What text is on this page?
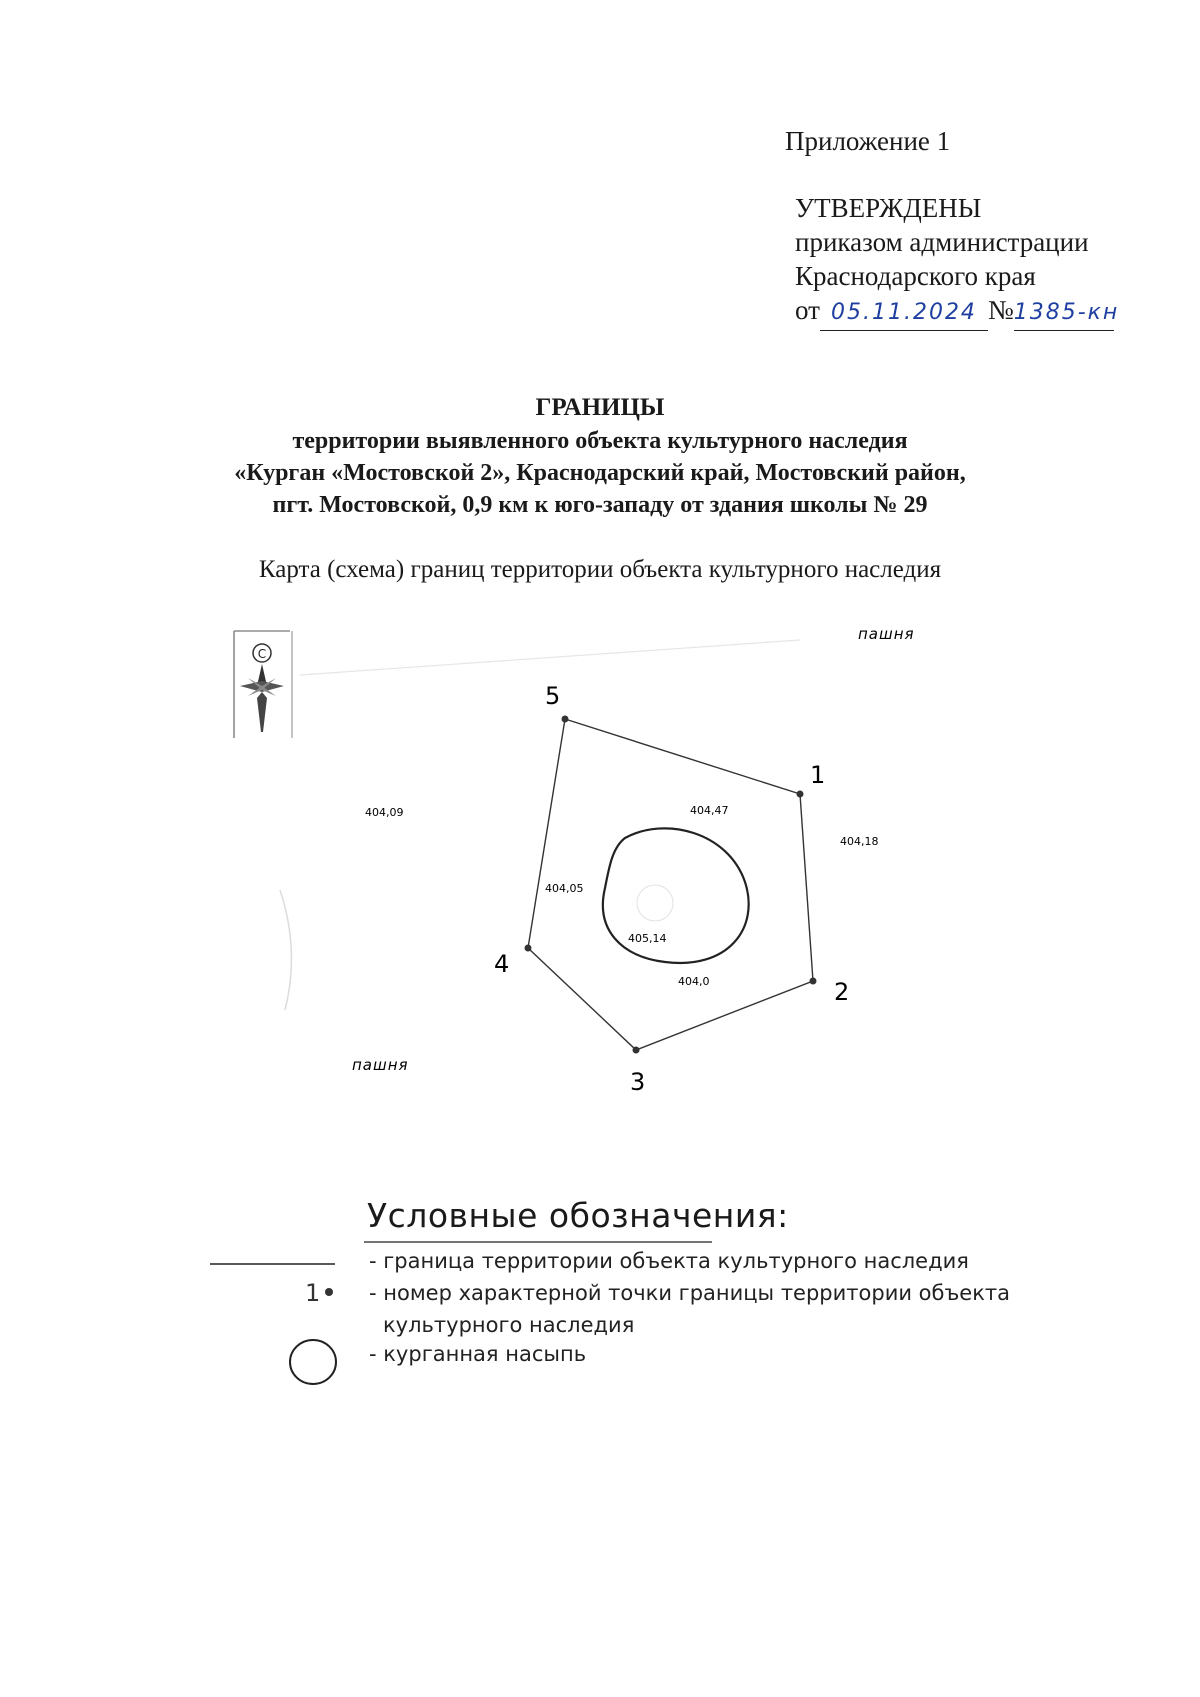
Приложение 1
УТВЕРЖДЕНЫ
приказом администрации
Краснодарского края
от 05.11.2024 №1385-кн
ГРАНИЦЫ
территории выявленного объекта культурного наследия
«Курган «Мостовской 2», Краснодарский край, Мостовский район,
пгт. Мостовской, 0,9 км к юго-западу от здания школы № 29
Карта (схема) границ территории объекта культурного наследия
С
пашня
пашня
404,09	404,47
404,18
404,05
404,0
405,14
1
2
3
4
5
Условные обозначения:
1
- граница территории объекта культурного наследия
- номер характерной точки границы территории объекта
культурного наследия
- курганная насыпь
